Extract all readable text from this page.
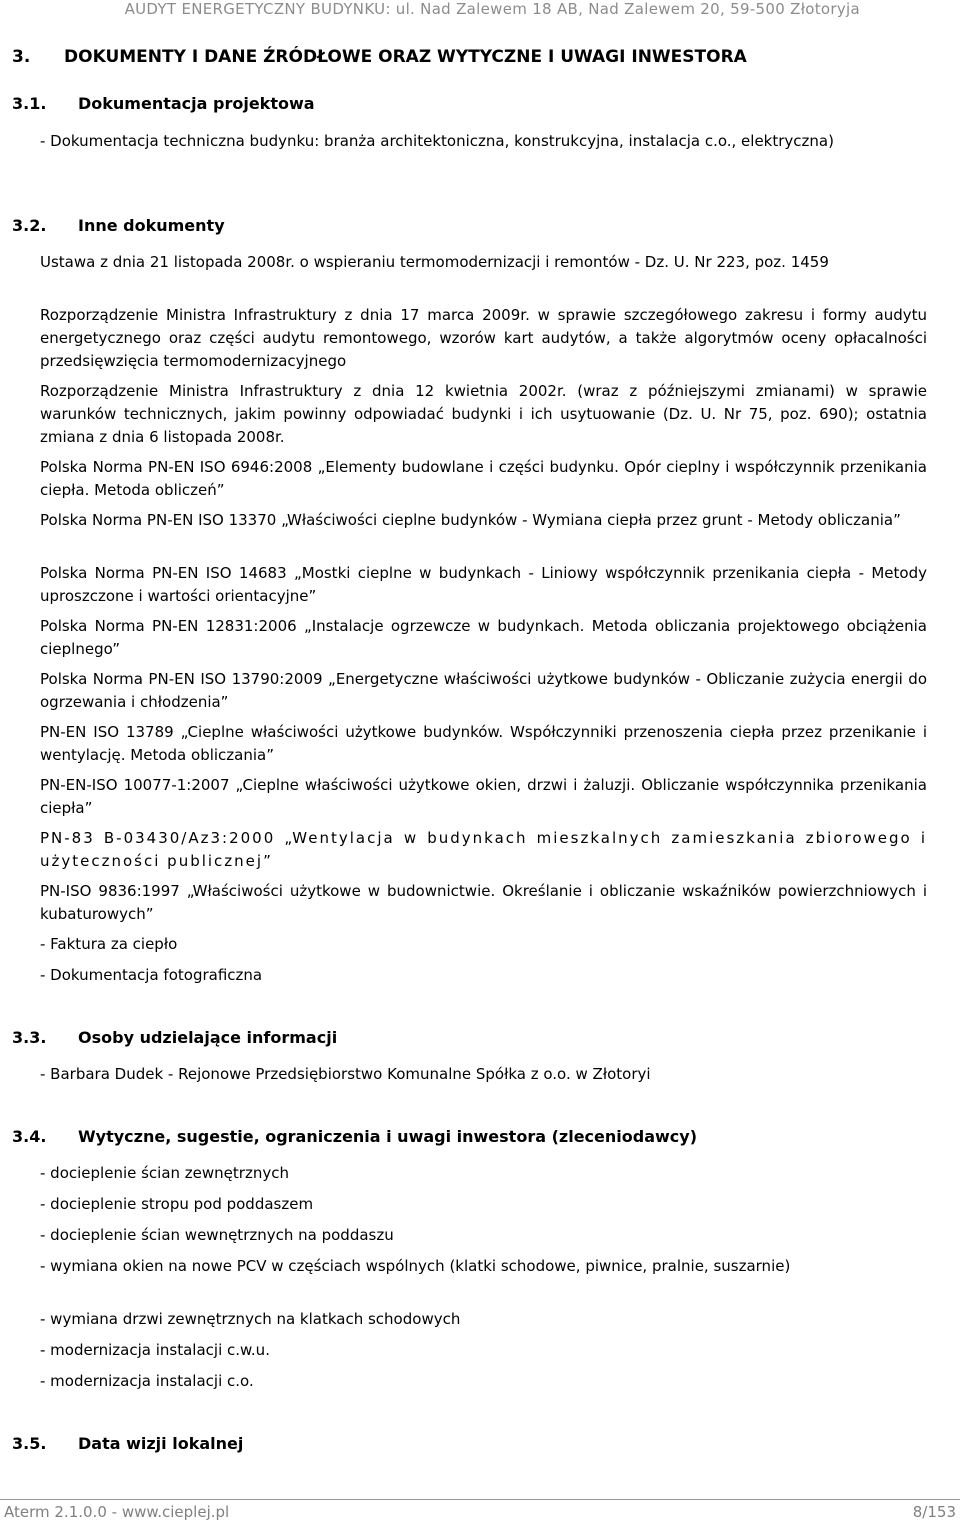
AUDYT ENERGETYCZNY BUDYNKU: ul. Nad Zalewem 18 AB, Nad Zalewem 20, 59-500 Złotoryja
3. DOKUMENTY I DANE ŹRÓDŁOWE ORAZ WYTYCZNE I UWAGI INWESTORA
3.1. Dokumentacja projektowa
- Dokumentacja techniczna budynku: branża architektoniczna, konstrukcyjna, instalacja c.o., elektryczna)
3.2. Inne dokumenty
Ustawa z dnia 21 listopada 2008r. o wspieraniu termomodernizacji i remontów - Dz. U. Nr 223, poz. 1459
Rozporządzenie Ministra Infrastruktury z dnia 17 marca 2009r. w sprawie szczegółowego zakresu i formy audytu energetycznego oraz części audytu remontowego, wzorów kart audytów, a także algorytmów oceny opłacalności przedsięwzięcia termomodernizacyjnego
Rozporządzenie Ministra Infrastruktury z dnia 12 kwietnia 2002r. (wraz z późniejszymi zmianami) w sprawie warunków technicznych, jakim powinny odpowiadać budynki i ich usytuowanie (Dz. U. Nr 75, poz. 690); ostatnia zmiana z dnia 6 listopada 2008r.
Polska Norma PN-EN ISO 6946:2008 „Elementy budowlane i części budynku. Opór cieplny i współczynnik przenikania ciepła. Metoda obliczeń”
Polska Norma PN-EN ISO 13370 „Właściwości cieplne budynków - Wymiana ciepła przez grunt - Metody obliczania”
Polska Norma PN-EN ISO 14683 „Mostki cieplne w budynkach - Liniowy współczynnik przenikania ciepła - Metody uproszczone i wartości orientacyjne”
Polska Norma PN-EN 12831:2006 „Instalacje ogrzewcze w budynkach. Metoda obliczania projektowego obciążenia cieplnego”
Polska Norma PN-EN ISO 13790:2009 „Energetyczne właściwości użytkowe budynków - Obliczanie zużycia energii do ogrzewania i chłodzenia”
PN-EN ISO 13789 „Cieplne właściwości użytkowe budynków. Współczynniki przenoszenia ciepła przez przenikanie i wentylację. Metoda obliczania”
PN-EN-ISO 10077-1:2007 „Cieplne właściwości użytkowe okien, drzwi i żaluzji. Obliczanie współczynnika przenikania ciepła”
PN-83 B-03430/Az3:2000 „Wentylacja w budynkach mieszkalnych zamieszkania zbiorowego i użyteczności publicznej”
PN-ISO 9836:1997 „Właściwości użytkowe w budownictwie. Określanie i obliczanie wskaźników powierzchniowych i kubaturowych”
- Faktura za ciepło
- Dokumentacja fotograficzna
3.3. Osoby udzielające informacji
- Barbara Dudek - Rejonowe Przedsiębiorstwo Komunalne Spółka z o.o. w Złotoryi
3.4. Wytyczne, sugestie, ograniczenia i uwagi inwestora (zleceniodawcy)
- docieplenie ścian zewnętrznych
- docieplenie stropu pod poddaszem
- docieplenie ścian wewnętrznych na poddaszu
- wymiana okien na nowe PCV w częściach wspólnych (klatki schodowe, piwnice, pralnie, suszarnie)
- wymiana drzwi zewnętrznych na klatkach schodowych
- modernizacja instalacji c.w.u.
- modernizacja instalacji c.o.
3.5. Data wizji lokalnej
Aterm 2.1.0.0 - www.cieplej.pl	8/153
